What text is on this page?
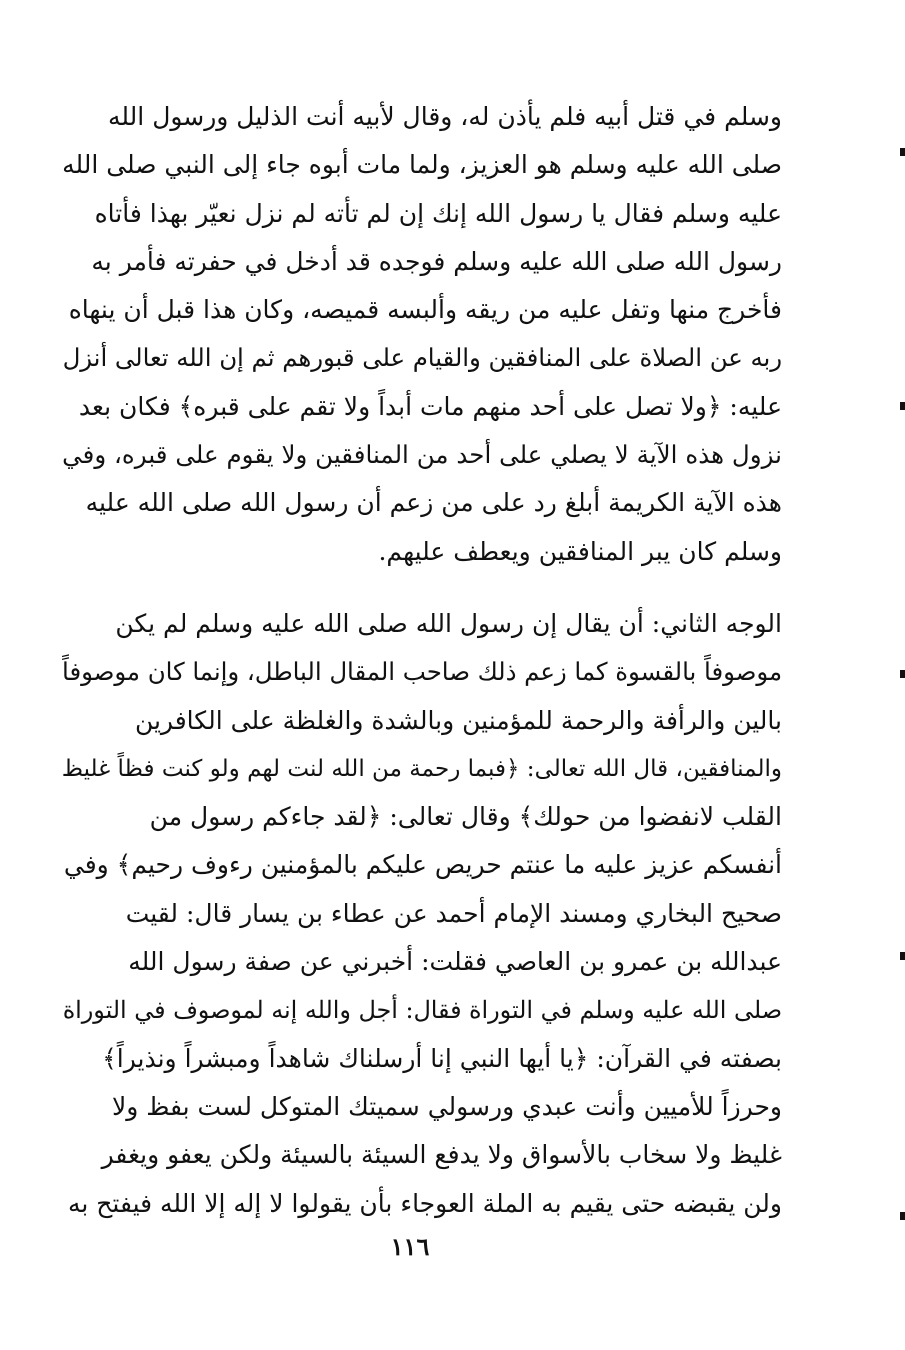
وسلم في قتل أبيه فلم يأذن له، وقال لأبيه أنت الذليل ورسول الله
صلى الله عليه وسلم هو العزيز، ولما مات أبوه جاء إلى النبي صلى الله
عليه وسلم فقال يا رسول الله إنك إن لم تأته لم نزل نعيّر بهذا فأتاه
رسول الله صلى الله عليه وسلم فوجده قد أدخل في حفرته فأمر به
فأخرج منها وتفل عليه من ريقه وألبسه قميصه، وكان هذا قبل أن ينهاه
ربه عن الصلاة على المنافقين والقيام على قبورهم ثم إن الله تعالى أنزل
عليه: ﴿ولا تصل على أحد منهم مات أبداً ولا تقم على قبره﴾ فكان بعد
نزول هذه الآية لا يصلي على أحد من المنافقين ولا يقوم على قبره، وفي
هذه الآية الكريمة أبلغ رد على من زعم أن رسول الله صلى الله عليه
وسلم كان يبر المنافقين ويعطف عليهم.

الوجه الثاني: أن يقال إن رسول الله صلى الله عليه وسلم لم يكن
موصوفاً بالقسوة كما زعم ذلك صاحب المقال الباطل، وإنما كان موصوفاً
بالين والرأفة والرحمة للمؤمنين وبالشدة والغلظة على الكافرين
والمنافقين، قال الله تعالى: ﴿فبما رحمة من الله لنت لهم ولو كنت فظاً غليظ
القلب لانفضوا من حولك﴾ وقال تعالى: ﴿لقد جاءكم رسول من
أنفسكم عزيز عليه ما عنتم حريص عليكم بالمؤمنين رءوف رحيم﴾ وفي
صحيح البخاري ومسند الإمام أحمد عن عطاء بن يسار قال: لقيت
عبدالله بن عمرو بن العاصي فقلت: أخبرني عن صفة رسول الله
صلى الله عليه وسلم في التوراة فقال: أجل والله إنه لموصوف في التوراة
بصفته في القرآن: ﴿يا أيها النبي إنا أرسلناك شاهداً ومبشراً ونذيراً﴾
وحرزاً للأميين وأنت عبدي ورسولي سميتك المتوكل لست بفظ ولا
غليظ ولا سخاب بالأسواق ولا يدفع السيئة بالسيئة ولكن يعفو ويغفر
ولن يقبضه حتى يقيم به الملة العوجاء بأن يقولوا لا إله إلا الله فيفتح به

١١٦
